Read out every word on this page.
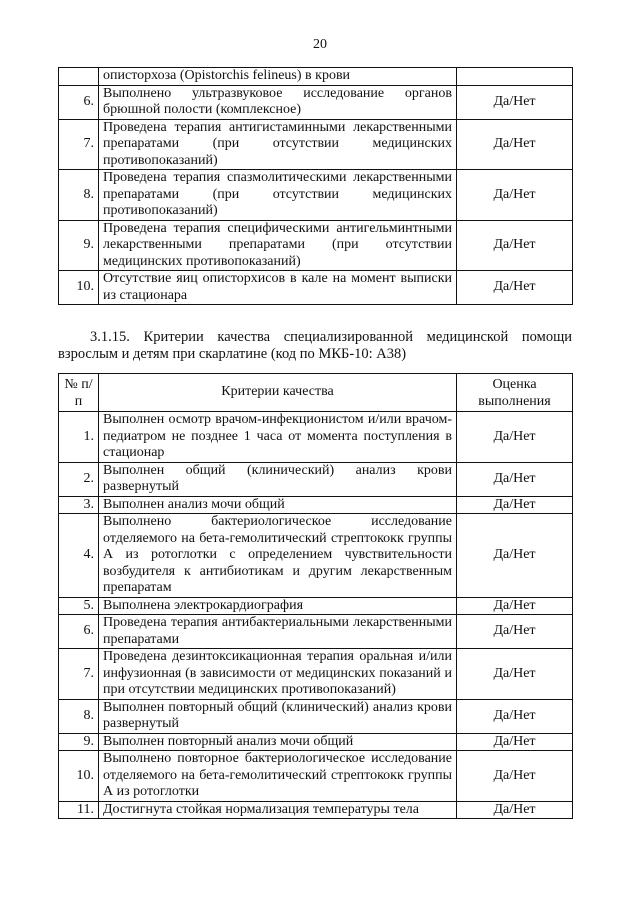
20
	описторхоза (Opistorchis felineus) в крови	
6.	Выполнено ультразвуковое исследование органов брюшной полости (комплексное)	Да/Нет
7.	Проведена терапия антигистаминными лекарственными препаратами (при отсутствии медицинских противопоказаний)	Да/Нет
8.	Проведена терапия спазмолитическими лекарственными препаратами (при отсутствии медицинских противопоказаний)	Да/Нет
9.	Проведена терапия специфическими антигельминтными лекарственными препаратами (при отсутствии медицинских противопоказаний)	Да/Нет
10.	Отсутствие яиц описторхисов в кале на момент выписки из стационара	Да/Нет
3.1.15. Критерии качества специализированной медицинской помощи
взрослым и детям при скарлатине (код по МКБ-10: А38)
№ п/п	Критерии качества	Оценка выполнения
1.	Выполнен осмотр врачом-инфекционистом и/или врачом-педиатром не позднее 1 часа от момента поступления в стационар	Да/Нет
2.	Выполнен общий (клинический) анализ крови развернутый	Да/Нет
3.	Выполнен анализ мочи общий	Да/Нет
4.	Выполнено бактериологическое исследование отделяемого на бета-гемолитический стрептококк группы А из ротоглотки с определением чувствительности возбудителя к антибиотикам и другим лекарственным препаратам	Да/Нет
5.	Выполнена электрокардиография	Да/Нет
6.	Проведена терапия антибактериальными лекарственными препаратами	Да/Нет
7.	Проведена дезинтоксикационная терапия оральная и/или инфузионная (в зависимости от медицинских показаний и при отсутствии медицинских противопоказаний)	Да/Нет
8.	Выполнен повторный общий (клинический) анализ крови развернутый	Да/Нет
9.	Выполнен повторный анализ мочи общий	Да/Нет
10.	Выполнено повторное бактериологическое исследование отделяемого на бета-гемолитический стрептококк группы А из ротоглотки	Да/Нет
11.	Достигнута стойкая нормализация температуры тела	Да/Нет
